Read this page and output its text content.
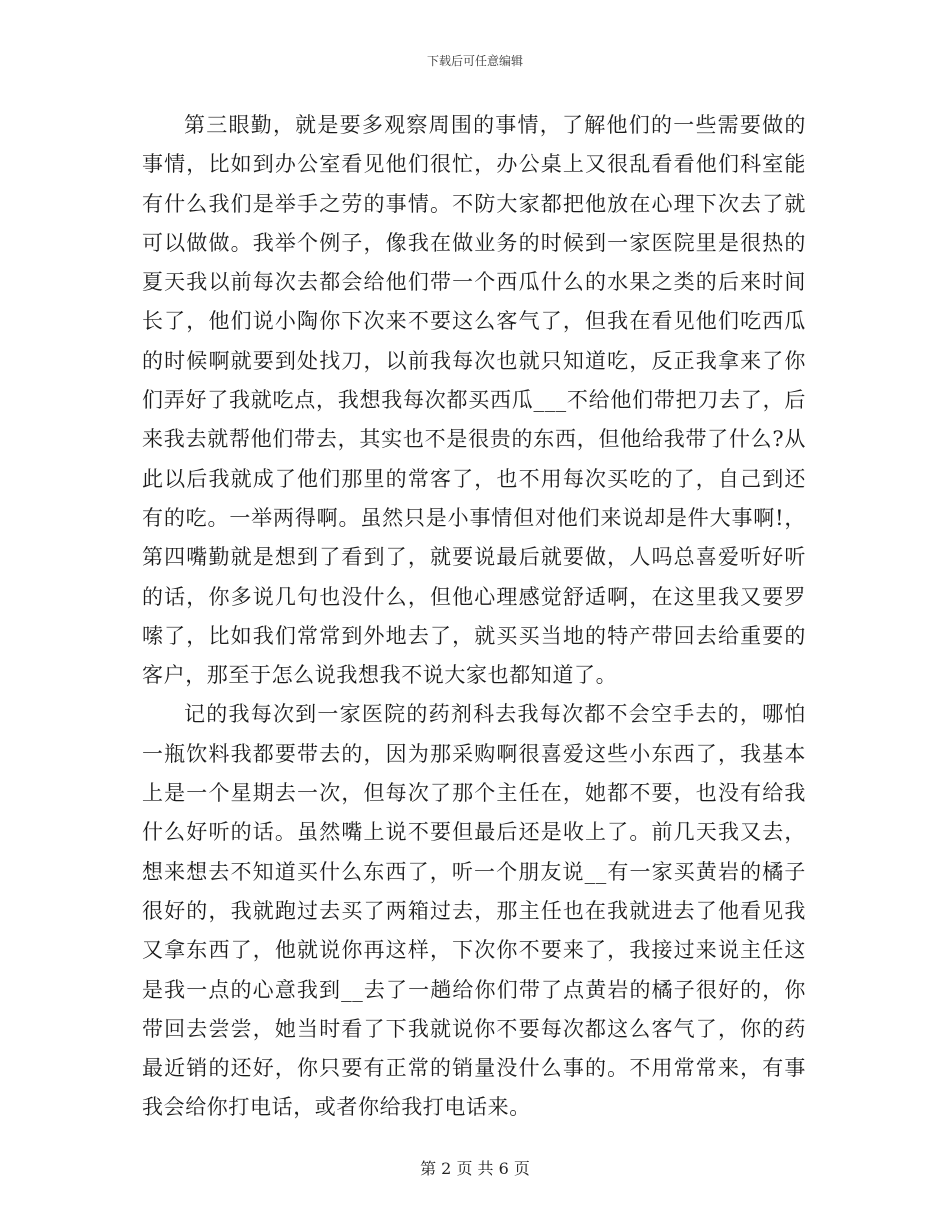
下载后可任意编辑

第三眼勤，就是要多观察周围的事情，了解他们的一些需要做的事情，比如到办公室看见他们很忙，办公桌上又很乱看看他们科室能有什么我们是举手之劳的事情。不防大家都把他放在心理下次去了就可以做做。我举个例子，像我在做业务的时候到一家医院里是很热的夏天我以前每次去都会给他们带一个西瓜什么的水果之类的后来时间长了，他们说小陶你下次来不要这么客气了，但我在看见他们吃西瓜的时候啊就要到处找刀，以前我每次也就只知道吃，反正我拿来了你们弄好了我就吃点，我想我每次都买西瓜___不给他们带把刀去了，后来我去就帮他们带去，其实也不是很贵的东西，但他给我带了什么?从此以后我就成了他们那里的常客了，也不用每次买吃的了，自己到还有的吃。一举两得啊。虽然只是小事情但对他们来说却是件大事啊!，第四嘴勤就是想到了看到了，就要说最后就要做，人吗总喜爱听好听的话，你多说几句也没什么，但他心理感觉舒适啊，在这里我又要罗嗦了，比如我们常常到外地去了，就买买当地的特产带回去给重要的客户，那至于怎么说我想我不说大家也都知道了。

记的我每次到一家医院的药剂科去我每次都不会空手去的，哪怕一瓶饮料我都要带去的，因为那采购啊很喜爱这些小东西了，我基本上是一个星期去一次，但每次了那个主任在，她都不要，也没有给我什么好听的话。虽然嘴上说不要但最后还是收上了。前几天我又去，想来想去不知道买什么东西了，听一个朋友说__有一家买黄岩的橘子很好的，我就跑过去买了两箱过去，那主任也在我就进去了他看见我又拿东西了，他就说你再这样，下次你不要来了，我接过来说主任这是我一点的心意我到__去了一趟给你们带了点黄岩的橘子很好的，你带回去尝尝，她当时看了下我就说你不要每次都这么客气了，你的药最近销的还好，你只要有正常的销量没什么事的。不用常常来，有事我会给你打电话，或者你给我打电话来。

第 2 页 共 6 页
